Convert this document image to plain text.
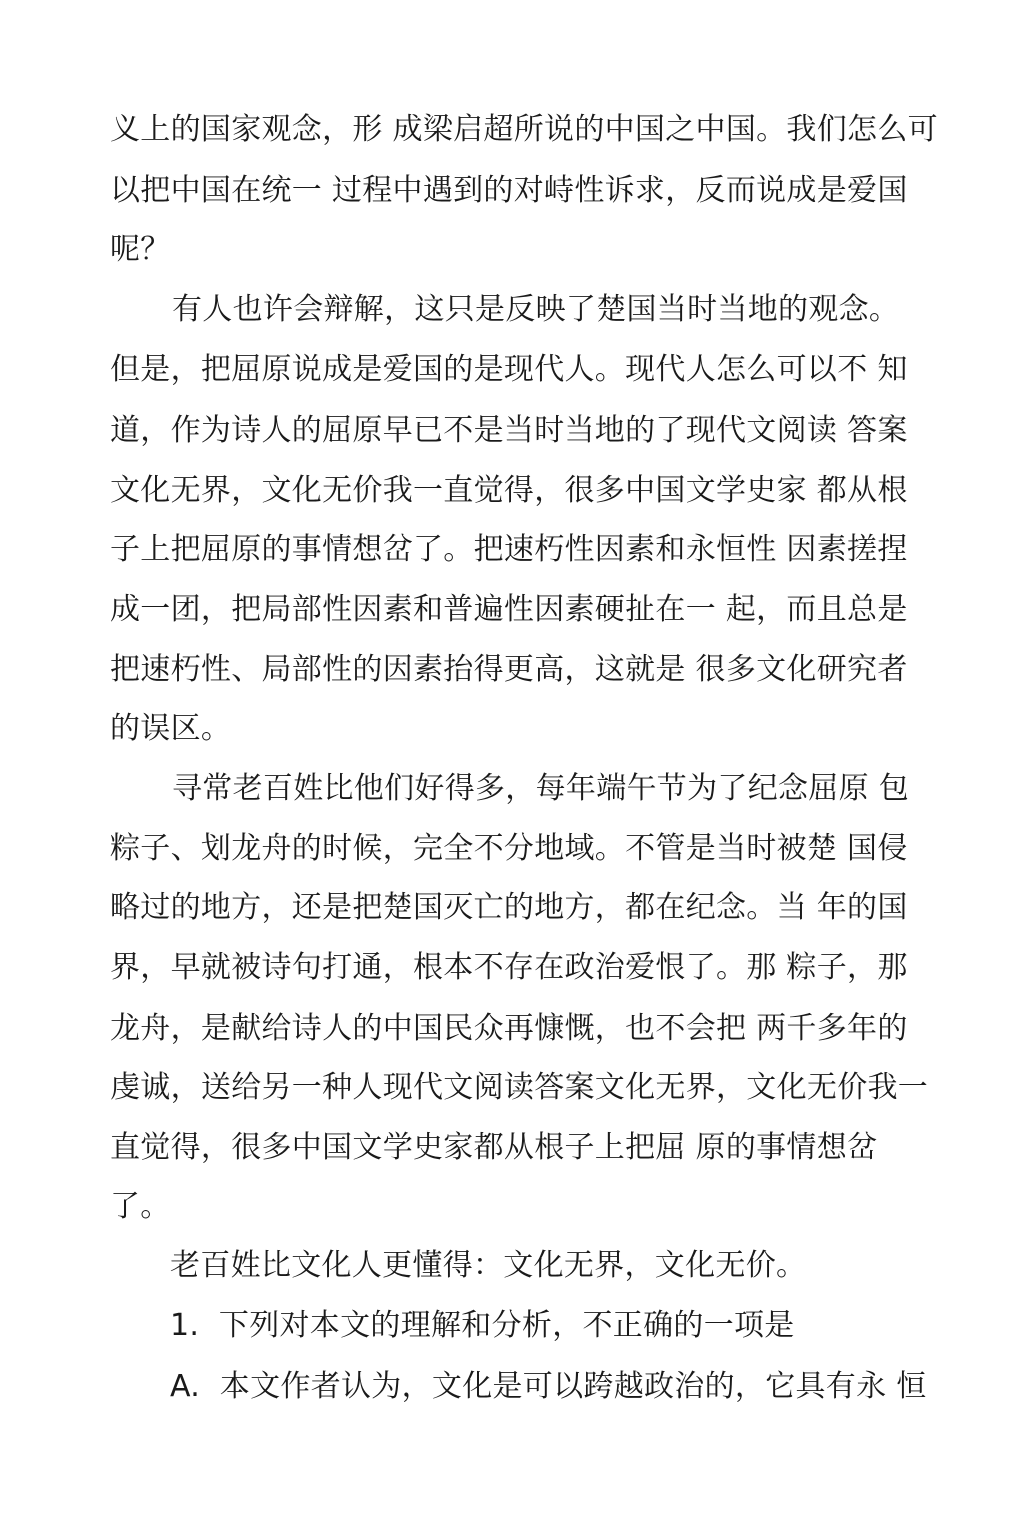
义上的国家观念，形 成梁启超所说的中国之中国。我们怎么可
以把中国在统一 过程中遇到的对峙性诉求，反而说成是爱国
呢？
有人也许会辩解，这只是反映了楚国当时当地的观念。
但是，把屈原说成是爱国的是现代人。现代人怎么可以不 知
道，作为诗人的屈原早已不是当时当地的了现代文阅读 答案
文化无界，文化无价我一直觉得，很多中国文学史家 都从根
子上把屈原的事情想岔了。把速朽性因素和永恒性 因素搓捏
成一团，把局部性因素和普遍性因素硬扯在一 起，而且总是
把速朽性、局部性的因素抬得更高，这就是 很多文化研究者
的误区。
寻常老百姓比他们好得多，每年端午节为了纪念屈原 包
粽子、划龙舟的时候，完全不分地域。不管是当时被楚 国侵
略过的地方，还是把楚国灭亡的地方，都在纪念。当 年的国
界，早就被诗句打通，根本不存在政治爱恨了。那 粽子，那
龙舟，是献给诗人的中国民众再慷慨，也不会把 两千多年的
虔诚，送给另一种人现代文阅读答案文化无界，文化无价我一
直觉得，很多中国文学史家都从根子上把屈 原的事情想岔
了。
老百姓比文化人更懂得：文化无界，文化无价。
1.  下列对本文的理解和分析，不正确的一项是
A.  本文作者认为，文化是可以跨越政治的，它具有永 恒
